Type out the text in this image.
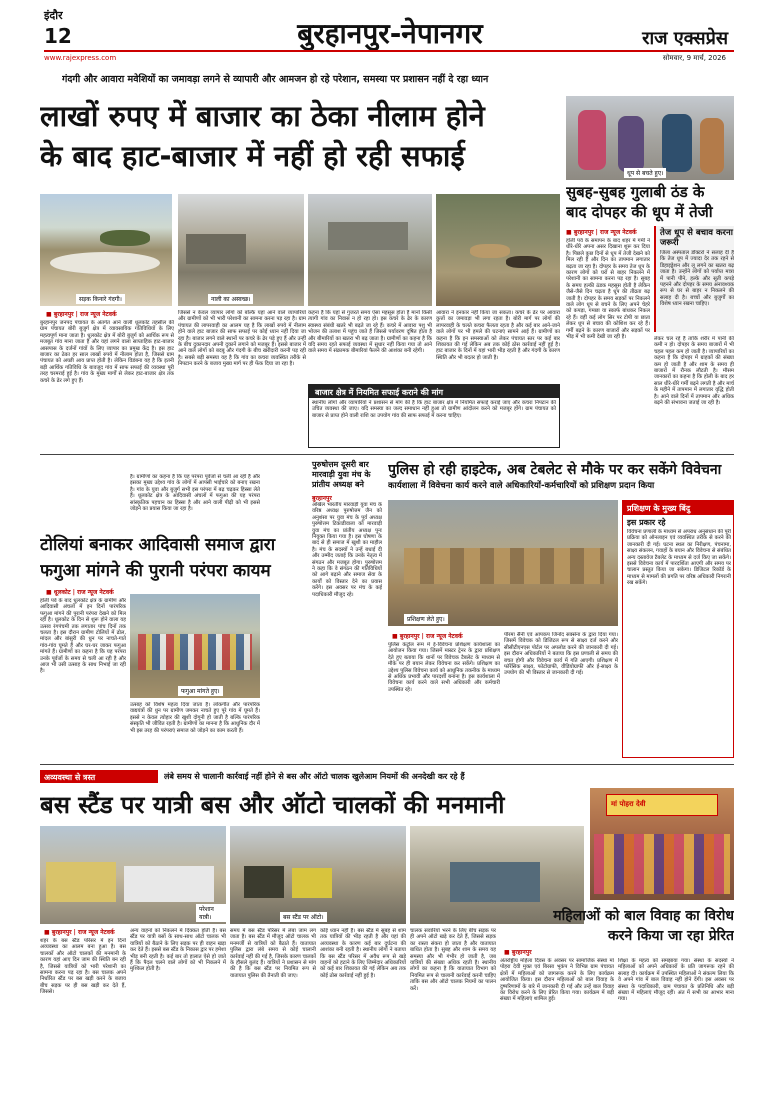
इंदौर
12	बुरहानपुर-नेपानगर	राज एक्सप्रेस
www.rajexpress.com	सोमवार, 9 मार्च, 2026
गंदगी और आवारा मवेशियों का जमावड़ा लगने से व्यापारी और आमजन हो रहे परेशान, समस्या पर प्रशासन नहीं दे रहा ध्यान
लाखों रुपए में बाजार का ठेका नीलाम होने
के बाद हाट-बाजार में नहीं हो रही सफाई
सड़क किनारे गंदगी।	नाली का अस्वच्छ।
■ बुरहानपुर | राज न्यूज नेटवर्क
बुरहानपुर जनपद पंचायत के अंतर्गत आने वाली धूलकोट तहसील की ग्राम पंचायत बोरी बुजुर्ग क्षेत्र में व्यावसायिक गतिविधियों के लिए महत्वपूर्ण माना जाता है। धूलकोट क्षेत्र में बोरी बुजुर्ग को आर्थिक रूप से मजबूत गांव माना जाता है और यहां लगने वाला साप्ताहिक हाट-बाजार आसपास के दर्जनों गांवों के लिए व्यापार का प्रमुख केंद्र है। इस हाट बाजार का ठेका हर साल लाखों रुपये में नीलाम होता है, जिससे ग्राम पंचायत को अच्छी आय प्राप्त होती है। लेकिन विडंबना यह है कि इतनी बड़ी आर्थिक गतिविधि के बावजूद गांव में साफ सफाई की व्यवस्था पूरी तरह चरमराई हुई है। गांव के मुख्य मार्गों से लेकर हाट-बाजार क्षेत्र तक कचरे के ढेर लगे हुए हैं।
जिससे न केवल व्यापार लोगों को बल्कि यहां आने वाले व्यापारियों और ग्रामीणों को भी भारी परेशानी का सामना करना पड़ रहा है। ग्राम पंचायत की लापरवाही का आलम यह है कि लाखों रुपये में नीलाम होने वाले हाट बाजार की साफ सफाई पर कोई ध्यान नहीं दिया जा रहा है। बाजार लगने वाले स्थानों पर कचरे के ढेर पड़े हुए हैं और उन्हीं के बीच दुकानदार अपनी दुकानें लगाने को मजबूर हैं। इससे बाजार में आने वाले लोगों को बदबू और गंदगी के बीच खरीदारी करनी पड़ रही है। सबसे बड़ी समस्या यह है कि गांव का कचरा व्यवस्थित तरीके से निपटान करने के बजाय मुख्य मार्ग पर ही फेंक दिया जा रहा है।
कहना है कि यहां से गुजरते समय ऐसा महसूस होता है मानो किसी त्यागी गांव का निवास न हो रहा हो। इस कचरे के ढेर के कारण स्वास्थ्य संबंधी खतरे भी बढ़ते जा रहे हैं। कचरे में आवारा पशु भी भोजन की तलाश में पहुंच जाते हैं जिससे पर्यावरण दूषित होता है और बीमारियों का खतरा भी बढ़ जाता है। ग्रामीणों का कहना है कि यदि समय रहते सफाई व्यवस्था में सुधार नहीं किया गया तो आने वाले समय में संक्रामक बीमारियां फैलने की आशंका बनी रहेगी।
आवारा ने इनकार नहीं किया जा सकता। कचरे के ढेर पर आवारा कुत्तों का जमावड़ा भी लगा रहता है। बोरी मार्ग पर लोगों की लापरवाही के चलते कचरा फैलता रहता है और कई बार आने-जाने वाले लोगों पर भी हमले की घटनाएं सामने आई हैं। ग्रामीणों का कहना है कि इन समस्याओं को लेकर पंचायत स्तर पर कई बार शिकायत की गई लेकिन अब तक कोई ठोस कार्रवाई नहीं हुई है। हाट बाजार के दिनों में यहां भारी भीड़ रहती है और गंदगी के कारण स्थिति और भी बदतर हो जाती है।
बाजार क्षेत्र में नियमित सफाई कराने की मांग
स्थानीय लोगों और व्यापारियों ने प्रशासन से मांग की है कि हाट बाजार क्षेत्र में नियमित सफाई कराई जाए और कचरा निपटान की उचित व्यवस्था की जाए। यदि समस्या का जल्द समाधान नहीं हुआ तो ग्रामीण आंदोलन करने को मजबूर होंगे। ग्राम पंचायत को बाजार से प्राप्त होने वाली राशि का उपयोग गांव की साफ सफाई में करना चाहिए।
धूप से बचते हुए।
सुबह-सुबह गुलाबी ठंड के
बाद दोपहर की धूप में तेजी
■ बुरहानपुर | राज न्यूज नेटवर्क
होली पर्व के समापन के बाद शहर में गर्मी ने धीरे-धीरे अपना असर दिखाना शुरू कर दिया है। पिछले कुछ दिनों से धूप में तेजी देखने को मिल रही है और दिन का तापमान लगातार बढ़ता जा रहा है। दोपहर के समय तेज धूप के कारण लोगों को घरों से बाहर निकलने में परेशानी का सामना करना पड़ रहा है। सुबह के समय हल्की ठंडक महसूस होती है लेकिन जैसे-जैसे दिन चढ़ता है धूप की तीव्रता बढ़ जाती है। दोपहर के समय सड़कों पर निकलने वाले लोग धूप से बचने के लिए अपने चेहरे को कपड़ा, गमछा या स्कार्फ बांधकर निकल रहे हैं। वहीं कई लोग सिर पर टोपी या छाता लेकर धूप से बचाव की कोशिश कर रहे हैं। गर्मी बढ़ने के कारण बाजारों और सड़कों पर भीड़ में भी कमी देखी जा रही है।
तेज धूप से बचाव करना जरूरी
जिला अस्पताल डॉक्टरों ने सलाह दी है कि तेज धूप में ज्यादा देर तक रहने से डिहाइड्रेशन और लू लगने का खतरा बढ़ जाता है। उन्होंने लोगों को पर्याप्त मात्रा में पानी पीने, हल्के और सूती कपड़े पहनने और दोपहर के समय अनावश्यक रूप से घर से बाहर न निकलने की सलाह दी है। बच्चों और बुजुर्गों का विशेष ध्यान रखना चाहिए।
लेकर चल रहे हैं ताकि शरीर में पानी की कमी न हो। दोपहर के समय बाजारों में भी चहल पहल कम हो जाती है। व्यापारियों का कहना है कि दोपहर में ग्राहकों की संख्या कम हो जाती है और शाम के समय ही बाजारों में रौनक लौटती है। मौसम जानकारों का कहना है कि होली के बाद हर साल धीरे-धीरे गर्मी बढ़ने लगती है और मार्च के महीने में तापमान में लगातार वृद्धि होती है। आने वाले दिनों में तापमान और अधिक बढ़ने की संभावना जताई जा रही है।
टोलियां बनाकर आदिवासी समाज द्वारा
फगुआ मांगने की पुरानी परंपरा कायम
■ धूलकोट | राज न्यूज नेटवर्क
होली पर्व के बाद धूलकोट क्षेत्र के ग्रामीण और आदिवासी अंचलों में इन दिनों पारंपरिक फगुआ मांगने की पुरानी परंपरा देखने को मिल रही है। धूलकोट के दिन से शुरू होने वाला यह उत्सव रंगपंचमी तक लगातार पांच दिनों तक चलता है। इस दौरान ग्रामीण टोलियों में ढोल, मांदल और बांसुरी की धुन पर नाचते-गाते गांव-गांव घूमते हैं और घर-घर जाकर फगुआ मांगते हैं। ग्रामीणों का कहना है कि यह परंपरा उनके पूर्वजों के समय से चली आ रही है और आज भी उसी उत्साह के साथ निभाई जा रही है।
फगुआ मांगते हुए।
है। ग्रामीणों का कहना है कि यह परंपरा पूर्वजों से चली आ रही है और इसका मुख्य उद्देश्य गांव के लोगों में आपसी भाईचारे को बनाए रखना है। गांव के युवा और बुजुर्ग सभी इस परंपरा में बढ़ चढ़कर हिस्सा लेते हैं। धूलकोट क्षेत्र के आदिवासी अंचलों में फगुआ की यह परंपरा सांस्कृतिक पहचान का हिस्सा है और आने वाली पीढ़ी को भी इससे जोड़ने का प्रयास किया जा रहा है।
उत्साह को विशेष महत्व दिया जाता है। लोकगीत और पारंपरिक वाद्ययंत्रों की धुन पर ग्रामीण जमकर नाचते हुए पूरे गांव में घूमते हैं। इससे न केवल त्योहार की खुशी दोगुनी हो जाती है बल्कि पारंपरिक संस्कृति भी जीवित रहती है। ग्रामीणों का मानना है कि आधुनिक दौर में भी इस तरह की परंपराएं समाज को जोड़ने का काम करती हैं।
पुरुषोत्तम दूसरी बार
मारवाड़ी युवा मंच के
प्रांतीय अध्यक्ष बने
बुरहानपुर
अखिल भारतीय मारवाड़ी युवा मंच के वरिष्ठ अध्यक्ष पुरुषोत्तम जैन को अनुशंसा पर युवा मंच के पूर्व अध्यक्ष पुरुषोत्तम टिकाडीवाला को मारवाड़ी युवा मंच का प्रांतीय अध्यक्ष पुनः नियुक्त किया गया है। इस घोषणा के बाद से ही समाज में खुशी का माहौल है। मंच के सदस्यों ने उन्हें बधाई दी और उम्मीद जताई कि उनके नेतृत्व में संगठन और मजबूत होगा। पुरुषोत्तम ने कहा कि वे संगठन की गतिविधियों को आगे बढ़ाने और समाज सेवा के कार्यों को विस्तार देने का प्रयास करेंगे। इस अवसर पर मंच के कई पदाधिकारी मौजूद रहे।
पुलिस हो रही हाइटेक, अब टेबलेट से मौके पर कर सकेंगे विवेचना
कार्यशाला में विवेचना कार्य करने वाले अधिकारियों-कर्मचारियों को प्रशिक्षण प्रदान किया
प्रशिक्षण लेते हुए।
■ बुरहानपुर | राज न्यूज नेटवर्क
पुलिस कंट्रोल रूम में ई-विवेचना प्रशिक्षण कार्यशाला का आयोजन किया गया। जिसमें मास्टर ट्रेनर के द्वारा प्रशिक्षण देते हुए बताया कि थानों पर विवेचक टैबलेट के माध्यम से मौके पर ही बयान लेकर विवेचना कर सकेंगे। प्रशिक्षण का उद्देश्य पुलिस विवेचना कार्य को आधुनिक तकनीक के माध्यम से अधिक प्रभावी और पारदर्शी बनाना है। इस कार्यशाला में विवेचना कार्य करने वाले सभी अधिकारी और कर्मचारी उपस्थित रहे।
पीरमा सैनी एवं आपकप जिनोद सक्सेना के द्वारा दिया गया। जिसमें विवेचक को डिजिटल रूप से साक्ष्य दर्ज करने और सीसीटीएनएस पोर्टल पर अपलोड करने की जानकारी दी गई। इस दौरान अधिकारियों ने बताया कि इस प्रणाली से समय की बचत होगी और विवेचना कार्य में गति आएगी। प्रशिक्षण में फॉरेंसिक साक्ष्य, फोटोग्राफी, वीडियोग्राफी और ई-साक्ष्य के उपयोग की भी विस्तार से जानकारी दी गई।
प्रशिक्षण के मुख्य बिंदु
इस प्रकार रहे
विवेचना प्रणाली के माध्यम से अपराध अनुसंधान की पूरी प्रक्रिया को ऑनलाइन एवं व्यवस्थित तरीके से करने की जानकारी दी गई। घटना स्थल का निरीक्षण, पंचनामा, साक्ष्य संकलन, गवाहों के बयान और विवेचना से संबंधित अन्य दस्तावेज टैबलेट के माध्यम से दर्ज किए जा सकेंगे। इससे विवेचना कार्य में पारदर्शिता आएगी और समय पर चालान प्रस्तुत किया जा सकेगा। डिजिटल रिकॉर्ड के माध्यम से मामलों की प्रगति पर वरिष्ठ अधिकारी निगरानी रख सकेंगे।
अव्यवस्था से त्रस्त	लंबे समय से चालानी कार्रवाई नहीं होने से बस और ऑटो चालक खुलेआम नियमों की अनदेखी कर रहे हैं
बस स्टैंड पर यात्री बस और ऑटो चालकों की मनमानी
परेशान यात्री।	बस स्टैंड पर ऑटो।
■ बुरहानपुर | राज न्यूज नेटवर्क
शहर के बस स्टैंड परिसर में इन दिनों अव्यवस्था का आलम बना हुआ है। बस चालकों और ऑटो चालकों की मनमानी के कारण यहां आए दिन जाम की स्थिति बन रही है, जिससे यात्रियों को भारी परेशानी का सामना करना पड़ रहा है। बस चालक अपने निर्धारित स्टैंड पर बस खड़ी करने के बजाय बीच सड़क पर ही बस खड़ी कर देते हैं, जिससे।
अन्य वाहनों को निकलने में दिक्कत होती है। बस स्टैंड पर यात्री बसों के साथ-साथ ऑटो चालक भी यात्रियों को बैठाने के लिए सड़क पर ही वाहन खड़ा कर देते हैं। इससे बस स्टैंड के निकास द्वार पर हमेशा भीड़ बनी रहती है। कई बार तो हालात ऐसे हो जाते हैं कि पैदल चलने वाले लोगों को भी निकलने में मुश्किल होती है।
समय में बस स्टैंड परिसर में लंबा जाम लग जाता है। बस स्टैंड में मौजूद ऑटो चालक भी मनमर्जी से यात्रियों को बैठाते हैं। यातायात पुलिस द्वारा लंबे समय से कोई चालानी कार्रवाई नहीं की गई है, जिसके कारण चालकों के हौसले बुलंद हैं। यात्रियों ने प्रशासन से मांग की है कि बस स्टैंड पर नियमित रूप से यातायात पुलिस की तैनाती की जाए।
कोई ध्यान नहीं है। बस स्टैंड में सुबह से शाम तक यात्रियों की भीड़ रहती है और यहां की अव्यवस्था के कारण कई बार दुर्घटना की आशंका बनी रहती है। स्थानीय लोगों ने बताया कि बस स्टैंड परिसर में अवैध रूप से खड़े वाहनों को हटाने के लिए जिम्मेदार अधिकारियों को कई बार शिकायत की गई लेकिन अब तक कोई ठोस कार्रवाई नहीं हुई है।
चालक सवारियों भरने के लिए बीच सड़क पर ही अपने ऑटो खड़े कर देते हैं, जिससे सड़क का रास्ता संकरा हो जाता है और यातायात बाधित होता है। सुबह और शाम के समय यह समस्या और भी गंभीर हो जाती है, जब यात्रियों की संख्या अधिक रहती है। स्थानीय लोगों का कहना है कि यातायात विभाग को नियमित रूप से चालानी कार्रवाई करनी चाहिए ताकि बस और ऑटो चालक नियमों का पालन करें।
मां पोहरा देवी
महिलाओं को बाल विवाह का विरोध
करने किया जा रहा प्रेरित
■ बुरहानपुर
अंतर्राष्ट्रीय महिला दिवस के अवसर पर सामाजिक संस्था मां पोहरा देवी मुक्त एवं बिरसा भूकंप ने विभिन्न ग्राम पंचायत क्षेत्रों में महिलाओं को जागरूक करने के लिए कार्यक्रम आयोजित किया। इस दौरान महिलाओं को बाल विवाह के दुष्परिणामों के बारे में जानकारी दी गई और उन्हें बाल विवाह का विरोध करने के लिए प्रेरित किया गया। कार्यक्रम में बड़ी संख्या में महिलाएं शामिल हुईं।
शिक्षा के महत्व को समझाया गया। संस्था के सदस्यों ने महिलाओं को अपने अधिकारों के प्रति जागरूक रहने की सलाह दी। कार्यक्रम में उपस्थित महिलाओं ने संकल्प लिया कि वे अपने गांव में बाल विवाह नहीं होने देंगी। इस अवसर पर संस्था के पदाधिकारी, ग्राम पंचायत के प्रतिनिधि और बड़ी संख्या में महिलाएं मौजूद रहीं। अंत में सभी का आभार माना गया।
